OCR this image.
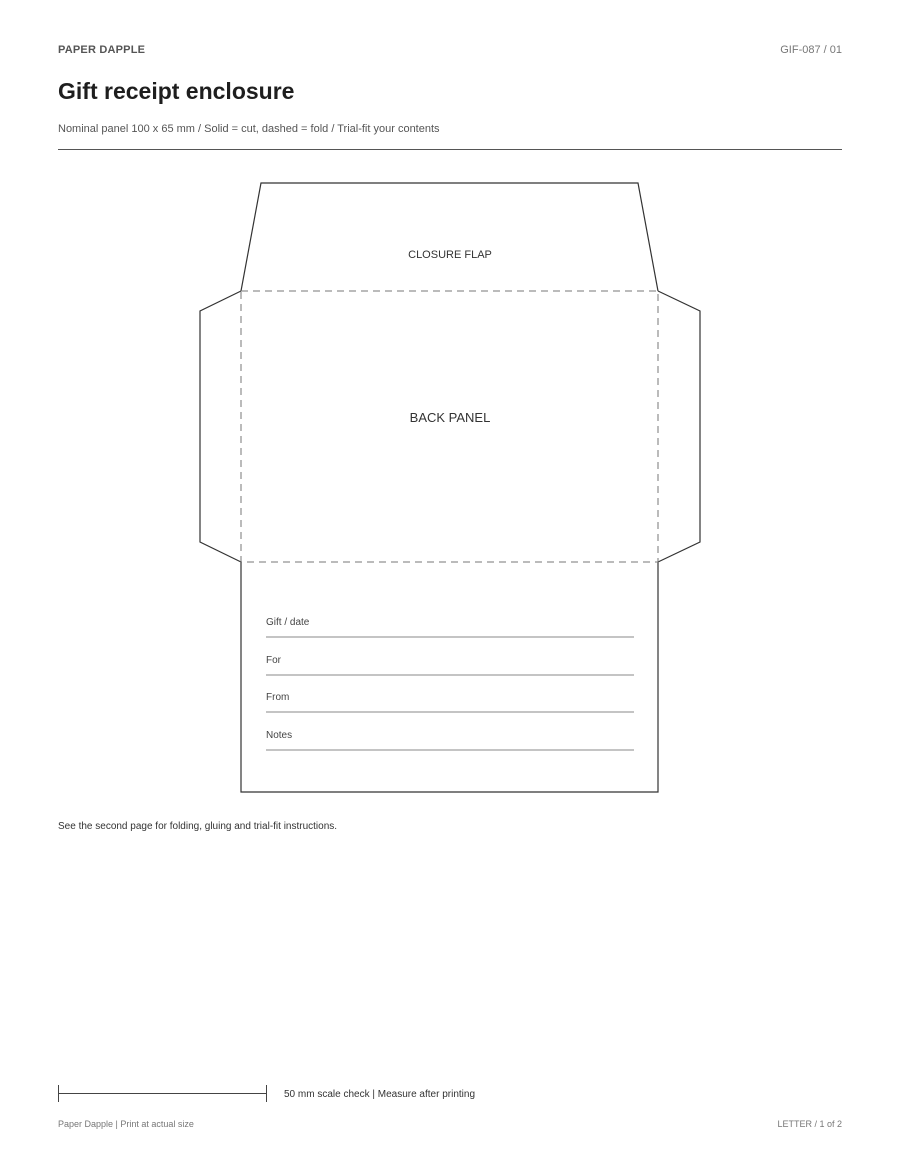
PAPER DAPPLE	GIF-087 / 01
Gift receipt enclosure
Nominal panel 100 x 65 mm / Solid = cut, dashed = fold / Trial-fit your contents
CLOSURE FLAP
BACK PANEL
Gift / date
For
From
Notes
See the second page for folding, gluing and trial-fit instructions.
50 mm scale check | Measure after printing
Paper Dapple | Print at actual size	LETTER / 1 of 2
